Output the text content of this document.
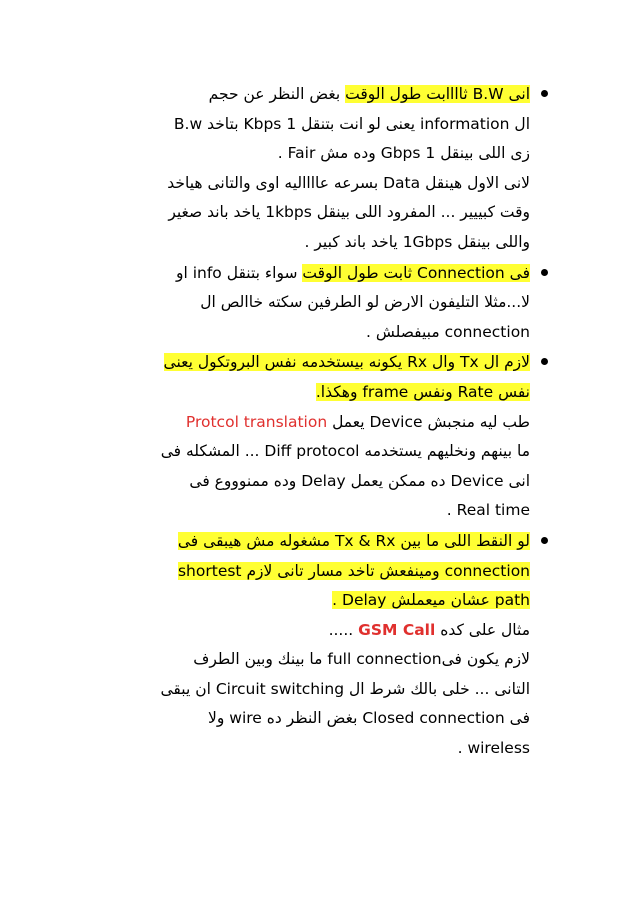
انى B.W ثاااابت طول الوقت بغض النظر عن حجم
ال information يعنى لو انت بتنقل 1 Kbps بتاخد B.w
زى اللى بينقل 1 Gbps وده مش Fair .
لانى الاول هينقل Data بسرعه عااااليه اوى والتانى هياخد
وقت كبييير ... المفرود اللى بينقل 1kbps ياخد باند صغير
واللى بينقل 1Gbps ياخد باند كبير .
فى Connection ثابت طول الوقت سواء بتنقل info او
لا...مثلا التليفون الارض لو الطرفين سكته خاالص ال
connection مبيفصلش .
لازم ال Tx وال Rx يكونه بيستخدمه نفس البروتكول يعنى
نفس Rate ونفس frame وهكذا.
طب ليه منجبش Device يعمل Protcol translation
ما بينهم ونخليهم يستخدمه Diff protocol ... المشكله فى
انى Device ده ممكن يعمل Delay وده ممنوووع فى
Real time .
لو النقط اللى ما بين Tx & Rx مشغوله مش هيبقى فى
connection ومينفعش تاخد مسار تانى لازم shortest
path عشان ميعملش Delay .
مثال على كده GSM Call .....
لازم يكون فىfull connection ما بينك وبين الطرف
التانى ... خلى بالك شرط ال Circuit switching ان يبقى
فى Closed connection بغض النظر ده wire ولا
wireless .
